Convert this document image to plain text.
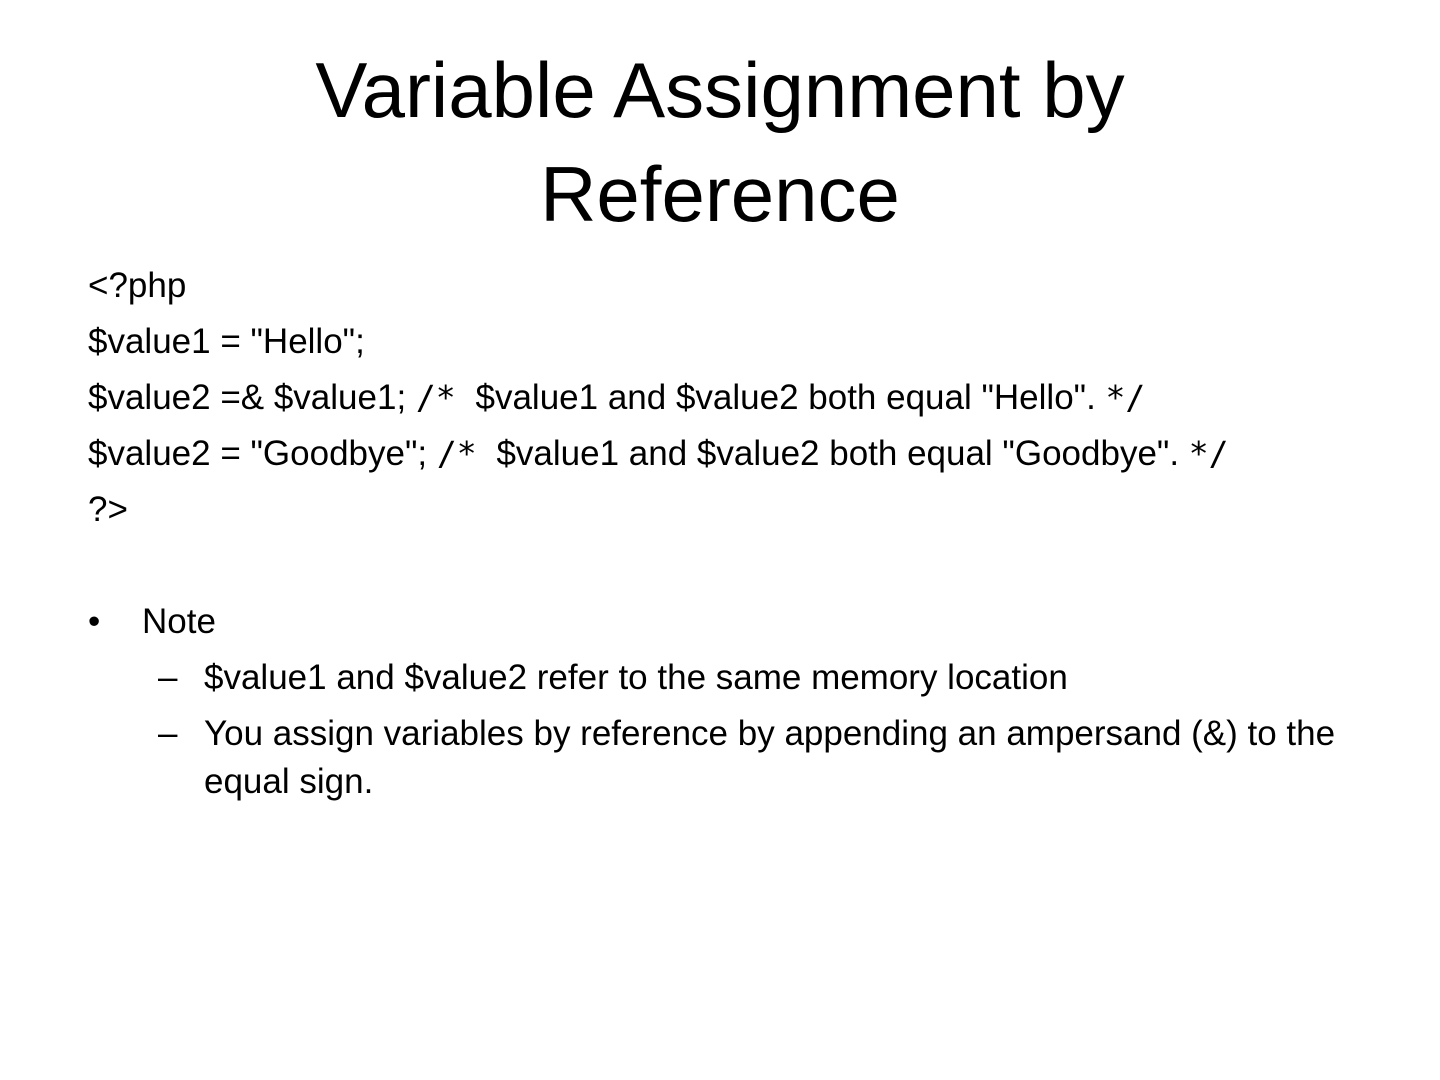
Variable Assignment by
Reference
<?php
$value1 = "Hello";
$value2 =& $value1; /* $value1 and $value2 both equal "Hello". */
$value2 = "Goodbye"; /* $value1 and $value2 both equal "Goodbye". */
?>
• Note
– $value1 and $value2 refer to the same memory location
– You assign variables by reference by appending an ampersand (&) to the equal sign.
